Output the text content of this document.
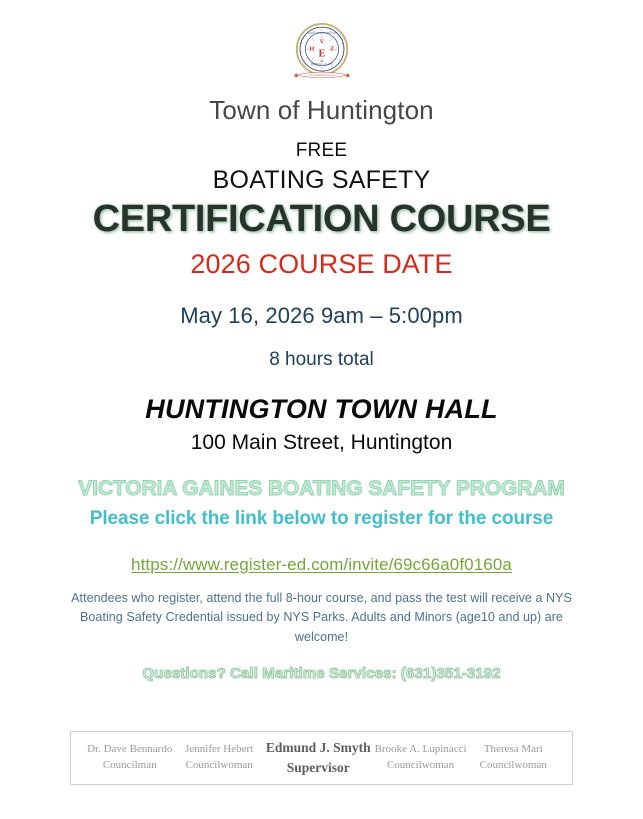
TOWN OF HUNTINGTON
SUFFOLK CO., N.Y.
V
H Z
E
1653
THE TOWN OF EAGLES
Town of Huntington
FREE
BOATING SAFETY
CERTIFICATION COURSE
2026 COURSE DATE
May 16, 2026 9am – 5:00pm
8 hours total
HUNTINGTON TOWN HALL
100 Main Street, Huntington
VICTORIA GAINES BOATING SAFETY PROGRAM
Please click the link below to register for the course
https://www.register-ed.com/invite/69c66a0f0160a
Attendees who register, attend the full 8-hour course, and pass the test will receive a NYS Boating Safety Credential issued by NYS Parks. Adults and Minors (age10 and up) are welcome!
Questions? Call Maritime Services: (631)351-3192
Dr. Dave Bennardo
Councilman
Jennifer Hebert
Councilwoman
Edmund J. Smyth
Supervisor
Brooke A. Lupinacci
Councilwoman
Theresa Mari
Councilwoman
